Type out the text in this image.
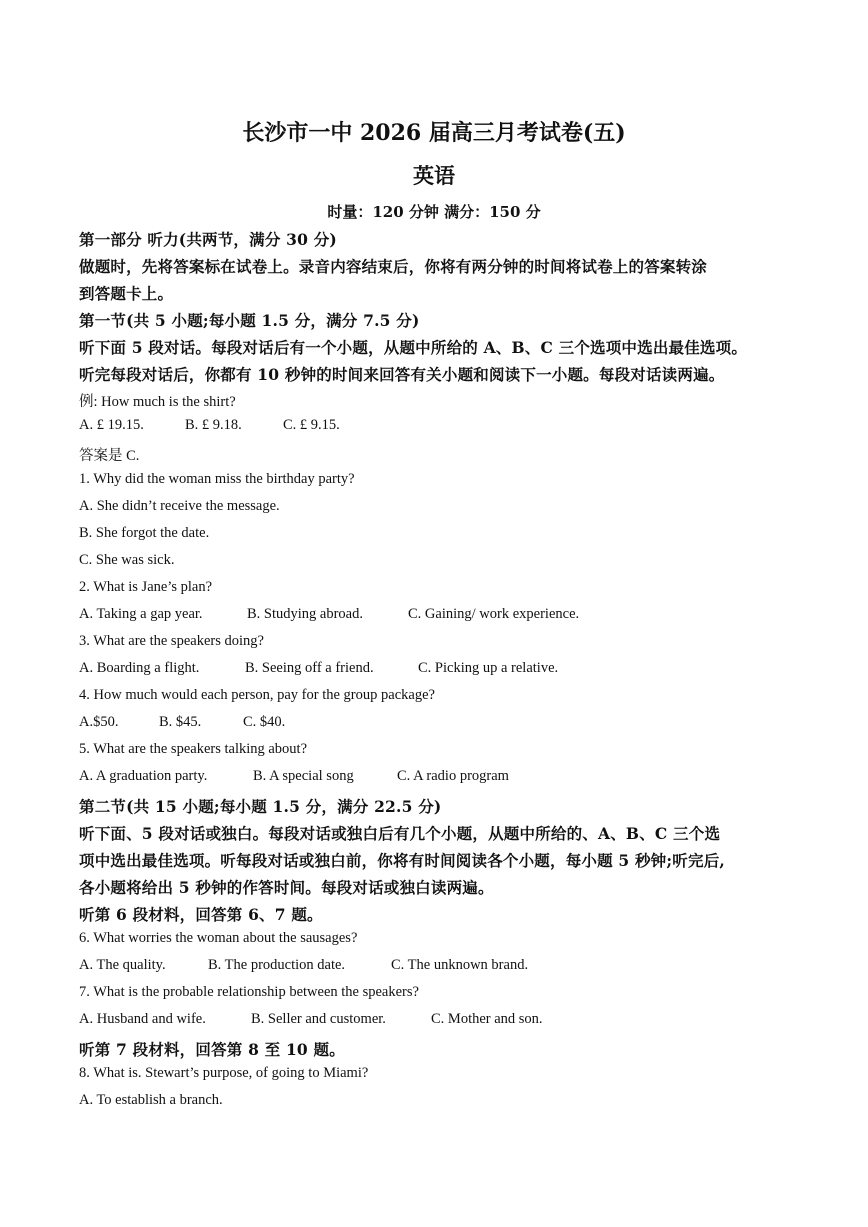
长沙市一中 2026 届高三月考试卷(五)
英语
时量：120 分钟 满分：150 分
第一部分 听力(共两节，满分 30 分)
做题时，先将答案标在试卷上。录音内容结束后，你将有两分钟的时间将试卷上的答案转涂
到答题卡上。
第一节(共 5 小题;每小题 1.5 分，满分 7.5 分)
听下面 5 段对话。每段对话后有一个小题，从题中所给的 A、B、C 三个选项中选出最佳选项。
听完每段对话后，你都有 10 秒钟的时间来回答有关小题和阅读下一小题。每段对话读两遍。
例: How much is the shirt?
A. £ 19.15.	B. £ 9.18.	C. £ 9.15.
答案是 C.
1. Why did the woman miss the birthday party?
A. She didn’t receive the message.
B. She forgot the date.
C. She was sick.
2. What is Jane’s plan?
A. Taking a gap year.	B. Studying abroad.	C. Gaining/ work experience.
3. What are the speakers doing?
A. Boarding a flight.	B. Seeing off a friend.	C. Picking up a relative.
4. How much would each person, pay for the group package?
A.$50.	B. $45.	C. $40.
5. What are the speakers talking about?
A. A graduation party.	B. A special song	C. A radio program
第二节(共 15 小题;每小题 1.5 分，满分 22.5 分)
听下面、5 段对话或独白。每段对话或独白后有几个小题，从题中所给的、A、B、C 三个选
项中选出最佳选项。听每段对话或独白前，你将有时间阅读各个小题，每小题 5 秒钟;听完后,
各小题将给出 5 秒钟的作答时间。每段对话或独白读两遍。
听第 6 段材料，回答第 6、7 题。
6. What worries the woman about the sausages?
A. The quality.	B. The production date.	C. The unknown brand.
7. What is the probable relationship between the speakers?
A. Husband and wife.	B. Seller and customer.	C. Mother and son.
听第 7 段材料，回答第 8 至 10 题。
8. What is. Stewart’s purpose, of going to Miami?
A. To establish a branch.
